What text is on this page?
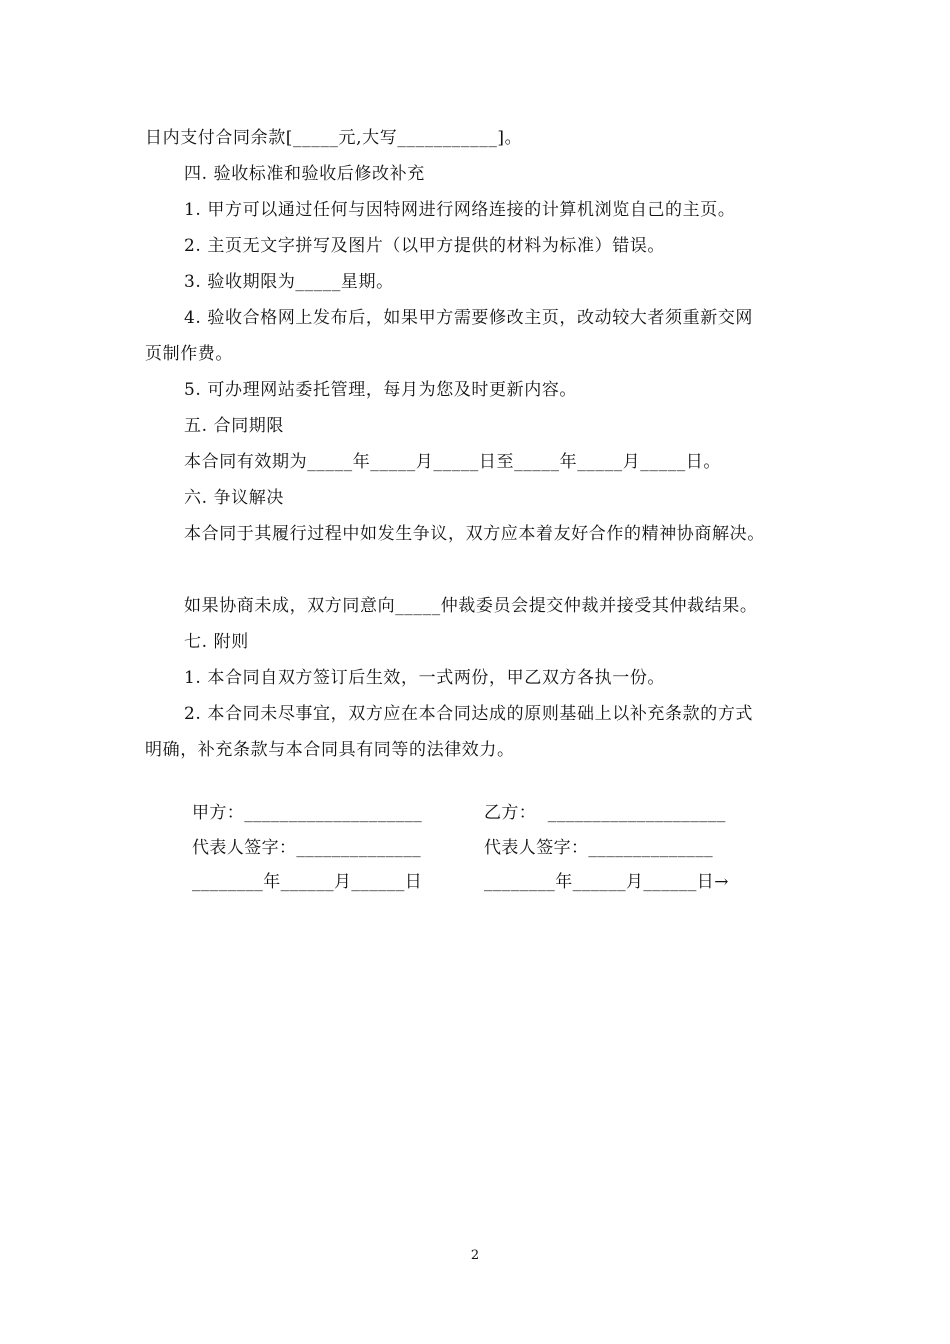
日内支付合同余款[_____元,大写___________]。
四. 验收标准和验收后修改补充
1. 甲方可以通过任何与因特网进行网络连接的计算机浏览自己的主页。
2. 主页无文字拼写及图片（以甲方提供的材料为标准）错误。
3. 验收期限为_____星期。
4. 验收合格网上发布后，如果甲方需要修改主页，改动较大者须重新交网
页制作费。
5. 可办理网站委托管理，每月为您及时更新内容。
五. 合同期限
本合同有效期为_____年_____月_____日至_____年_____月_____日。
六. 争议解决
本合同于其履行过程中如发生争议，双方应本着友好合作的精神协商解决。
如果协商未成，双方同意向_____仲裁委员会提交仲裁并接受其仲裁结果。
七. 附则
1. 本合同自双方签订后生效，一式两份，甲乙双方各执一份。
2. 本合同未尽事宜，双方应在本合同达成的原则基础上以补充条款的方式
明确，补充条款与本合同具有同等的法律效力。
甲方：____________________	乙方：  ____________________
代表人签字：______________	代表人签字：______________
________年______月______日	________年______月______日→
2
